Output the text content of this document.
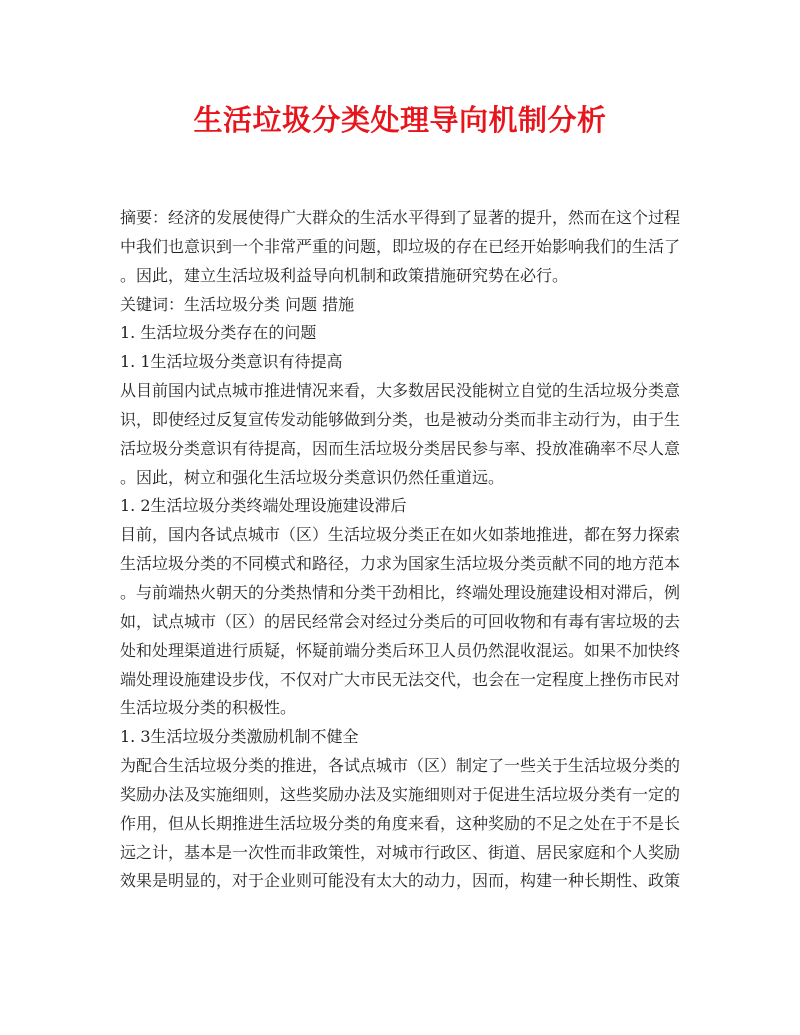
生活垃圾分类处理导向机制分析
摘要：经济的发展使得广大群众的生活水平得到了显著的提升，然而在这个过程
中我们也意识到一个非常严重的问题，即垃圾的存在已经开始影响我们的生活了
。因此，建立生活垃圾利益导向机制和政策措施研究势在必行。
关键词：生活垃圾分类 问题 措施
1. 生活垃圾分类存在的问题
1. 1生活垃圾分类意识有待提高
从目前国内试点城市推进情况来看，大多数居民没能树立自觉的生活垃圾分类意
识，即使经过反复宣传发动能够做到分类，也是被动分类而非主动行为，由于生
活垃圾分类意识有待提高，因而生活垃圾分类居民参与率、投放准确率不尽人意
。因此，树立和强化生活垃圾分类意识仍然任重道远。
1. 2生活垃圾分类终端处理设施建设滞后
目前，国内各试点城市（区）生活垃圾分类正在如火如荼地推进，都在努力探索
生活垃圾分类的不同模式和路径，力求为国家生活垃圾分类贡献不同的地方范本
。与前端热火朝天的分类热情和分类干劲相比，终端处理设施建设相对滞后，例
如，试点城市（区）的居民经常会对经过分类后的可回收物和有毒有害垃圾的去
处和处理渠道进行质疑，怀疑前端分类后环卫人员仍然混收混运。如果不加快终
端处理设施建设步伐，不仅对广大市民无法交代，也会在一定程度上挫伤市民对
生活垃圾分类的积极性。
1. 3生活垃圾分类激励机制不健全
为配合生活垃圾分类的推进，各试点城市（区）制定了一些关于生活垃圾分类的
奖励办法及实施细则，这些奖励办法及实施细则对于促进生活垃圾分类有一定的
作用，但从长期推进生活垃圾分类的角度来看，这种奖励的不足之处在于不是长
远之计，基本是一次性而非政策性，对城市行政区、街道、居民家庭和个人奖励
效果是明显的，对于企业则可能没有太大的动力，因而，构建一种长期性、政策
